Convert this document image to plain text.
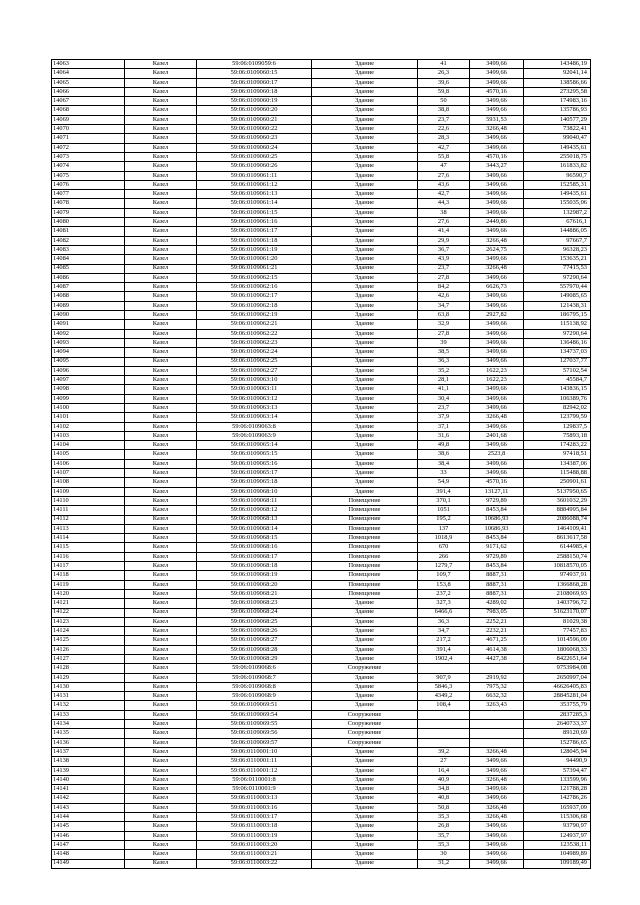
14063	Казел	59:06:0109059:6	Здание	41	3499,66	143486,19
14064	Казел	59:06:0109060:15	Здание	26,3	3499,66	92041,14
14065	Казел	59:06:0109060:17	Здание	39,6	3499,66	138586,66
14066	Казел	59:06:0109060:18	Здание	59,8	4570,16	273295,58
14067	Казел	59:06:0109060:19	Здание	50	3499,66	174983,16
14068	Казел	59:06:0109060:20	Здание	38,8	3499,66	135786,93
14069	Казел	59:06:0109060:21	Здание	23,7	5931,53	140577,29
14070	Казел	59:06:0109060:22	Здание	22,6	3266,48	73822,41
14071	Казел	59:06:0109060:23	Здание	28,3	3499,66	99040,47
14072	Казел	59:06:0109060:24	Здание	42,7	3499,66	149435,61
14073	Казел	59:06:0109060:25	Здание	55,8	4570,16	255018,75
14074	Казел	59:06:0109060:26	Здание	47	3443,27	161833,82
14075	Казел	59:06:0109061:11	Здание	27,6	3499,66	96590,7
14076	Казел	59:06:0109061:12	Здание	43,6	3499,66	152585,31
14077	Казел	59:06:0109061:13	Здание	42,7	3499,66	149435,61
14078	Казел	59:06:0109061:14	Здание	44,3	3499,66	155035,06
14079	Казел	59:06:0109061:15	Здание	38	3499,66	132987,2
14080	Казел	59:06:0109061:16	Здание	27,6	2449,86	67616,1
14081	Казел	59:06:0109061:17	Здание	41,4	3499,66	144886,05
14082	Казел	59:06:0109061:18	Здание	29,9	3266,48	97667,7
14083	Казел	59:06:0109061:19	Здание	36,7	2624,75	96328,23
14084	Казел	59:06:0109061:20	Здание	43,9	3499,66	153635,21
14085	Казел	59:06:0109061:21	Здание	23,7	3266,48	77415,53
14086	Казел	59:06:0109062:15	Здание	27,8	3499,66	97290,64
14087	Казел	59:06:0109062:16	Здание	84,2	6626,73	557970,44
14088	Казел	59:06:0109062:17	Здание	42,6	3499,66	149085,65
14089	Казел	59:06:0109062:18	Здание	34,7	3499,66	121438,31
14090	Казел	59:06:0109062:19	Здание	63,8	2927,82	186795,15
14091	Казел	59:06:0109062:21	Здание	32,9	3499,66	115138,92
14092	Казел	59:06:0109062:22	Здание	27,8	3499,66	97290,64
14093	Казел	59:06:0109062:23	Здание	39	3499,66	136486,16
14094	Казел	59:06:0109062:24	Здание	38,5	3499,66	134737,03
14095	Казел	59:06:0109062:25	Здание	36,3	3499,66	127037,77
14096	Казел	59:06:0109062:27	Здание	35,2	1622,23	57102,54
14097	Казел	59:06:0109063:10	Здание	28,1	1622,23	45584,7
14098	Казел	59:06:0109063:11	Здание	41,1	3499,66	143836,15
14099	Казел	59:06:0109063:12	Здание	30,4	3499,66	106389,76
14100	Казел	59:06:0109063:13	Здание	23,7	3499,66	82942,02
14101	Казел	59:06:0109063:14	Здание	37,9	3266,48	123799,59
14102	Казел	59:06:0109063:8	Здание	37,1	3499,66	129837,5
14103	Казел	59:06:0109063:9	Здание	31,6	2401,68	75893,18
14104	Казел	59:06:0109065:14	Здание	49,8	3499,66	174283,22
14105	Казел	59:06:0109065:15	Здание	38,6	2523,8	97418,51
14106	Казел	59:06:0109065:16	Здание	38,4	3499,66	134387,06
14107	Казел	59:06:0109065:17	Здание	33	3499,66	115488,88
14108	Казел	59:06:0109065:18	Здание	54,9	4570,16	250901,61
14109	Казел	59:06:0109068:10	Здание	391,4	13127,11	5137950,65
14110	Казел	59:06:0109068:11	Помещение	370,1	9729,89	3601032,29
14111	Казел	59:06:0109068:12	Помещение	1051	8453,84	8884995,84
14112	Казел	59:06:0109068:13	Помещение	195,2	10686,93	2086088,74
14113	Казел	59:06:0109068:14	Помещение	137	10686,93	1464109,41
14114	Казел	59:06:0109068:15	Помещение	1018,9	8453,84	8613617,58
14115	Казел	59:06:0109068:16	Помещение	670	9171,62	6144985,4
14116	Казел	59:06:0109068:17	Помещение	266	9729,89	2588150,74
14117	Казел	59:06:0109068:18	Помещение	1279,7	8453,84	10818570,05
14118	Казел	59:06:0109068:19	Помещение	109,7	8887,31	974937,91
14119	Казел	59:06:0109068:20	Помещение	153,8	8887,31	1366868,28
14120	Казел	59:06:0109068:21	Помещение	237,2	8887,31	2108069,93
14121	Казел	59:06:0109068:23	Здание	327,3	4289,02	1403796,72
14122	Казел	59:06:0109068:24	Здание	6466,6	7983,05	51623170,07
14123	Казел	59:06:0109068:25	Здание	36,3	2252,21	81029,38
14124	Казел	59:06:0109068:26	Здание	34,7	2232,21	77457,83
14125	Казел	59:06:0109068:27	Здание	217,2	4671,25	1014596,09
14126	Казел	59:06:0109068:28	Здание	391,4	4614,38	1806068,33
14127	Казел	59:06:0109068:29	Здание	1902,4	4427,38	8422651,64
14128	Казел	59:06:0109068:6	Сооружение			9753984,08
14129	Казел	59:06:0109068:7	Здание	907,9	2919,92	2650997,04
14130	Казел	59:06:0109068:8	Здание	5846,3	7975,32	46626405,83
14131	Казел	59:06:0109068:9	Здание	4349,2	6632,32	28845281,04
14132	Казел	59:06:0109069:51	Здание	108,4	3263,43	353755,79
14133	Казел	59:06:0109069:54	Сооружение			2837285,3
14134	Казел	59:06:0109069:55	Сооружение			2640733,37
14135	Казел	59:06:0109069:56	Сооружение			89120,69
14136	Казел	59:06:0109069:57	Сооружение			152786,65
14137	Казел	59:06:0110001:10	Здание	39,2	3266,48	128045,94
14138	Казел	59:06:0110001:11	Здание	27	3499,66	94490,9
14139	Казел	59:06:0110001:12	Здание	16,4	3499,66	57394,47
14140	Казел	59:06:0110001:8	Здание	40,9	3266,48	133599,96
14141	Казел	59:06:0110001:9	Здание	34,8	3499,66	121788,28
14142	Казел	59:06:0110003:13	Здание	40,8	3499,66	142786,26
14143	Казел	59:06:0110003:16	Здание	50,8	3266,48	165937,09
14144	Казел	59:06:0110003:17	Здание	35,3	3266,48	115306,68
14145	Казел	59:06:0110003:18	Здание	26,8	3499,66	93790,97
14146	Казел	59:06:0110003:19	Здание	35,7	3499,66	124937,97
14147	Казел	59:06:0110003:20	Здание	35,3	3499,66	123538,11
14148	Казел	59:06:0110003:21	Здание	30	3499,66	104989,89
14149	Казел	59:06:0110003:22	Здание	31,2	3499,66	109189,49
